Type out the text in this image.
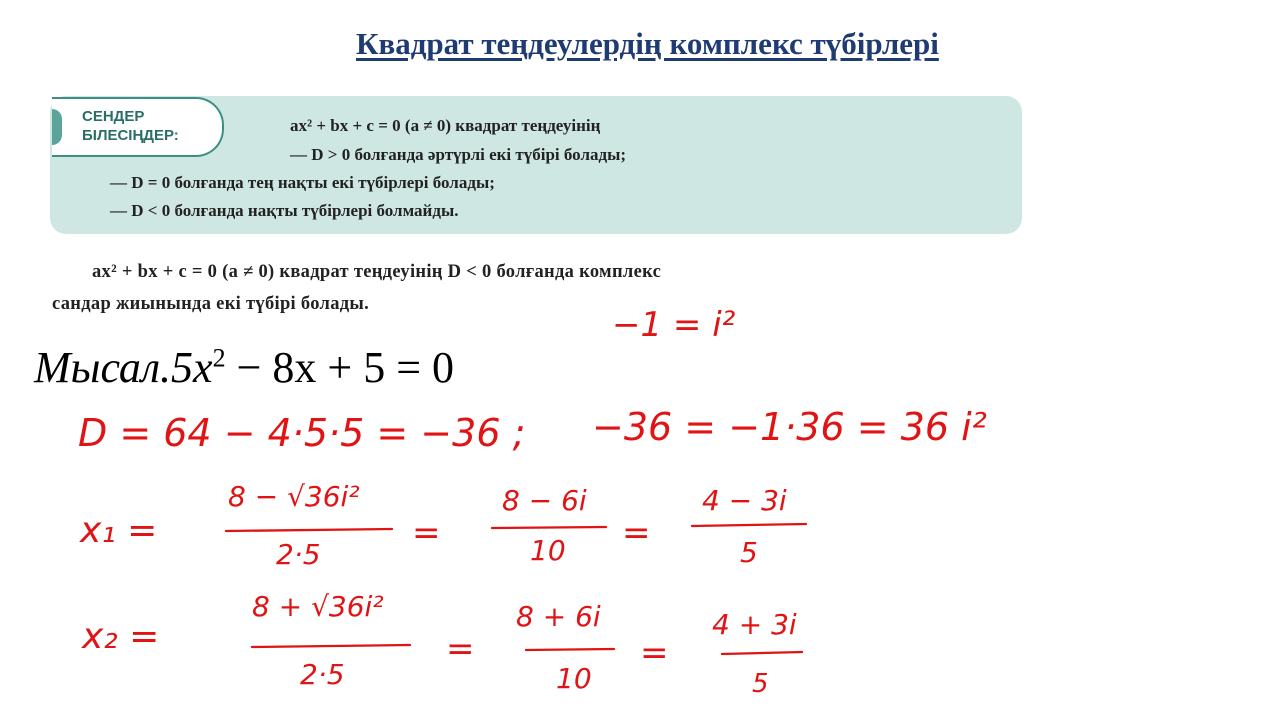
Квадрат теңдеулердің комплекс түбірлері
СЕНДЕР
БІЛЕСІҢДЕР:
ax² + bx + c = 0 (a ≠ 0) квадрат теңдеуінің
— D > 0 болғанда әртүрлі екі түбірі болады;
— D = 0 болғанда тең нақты екі түбірлері болады;
— D < 0 болғанда нақты түбірлері болмайды.
ax² + bx + c = 0 (a ≠ 0) квадрат теңдеуінің D < 0 болғанда комплекс
сандар жиынында екі түбірі болады.
$Мысал.5x^2 - 8x + 5 = 0$
−1 = i²
D = 64 − 4·5·5 = −36 ; −36 = −1·36 = 36 i²
x₁ =
8 − √36i²
2·5
=
8 − 6i
10 =
4 − 3i
5
x₂ =
8 + √36i²
2·5
=
8 + 6i
10
=
4 + 3i
5
